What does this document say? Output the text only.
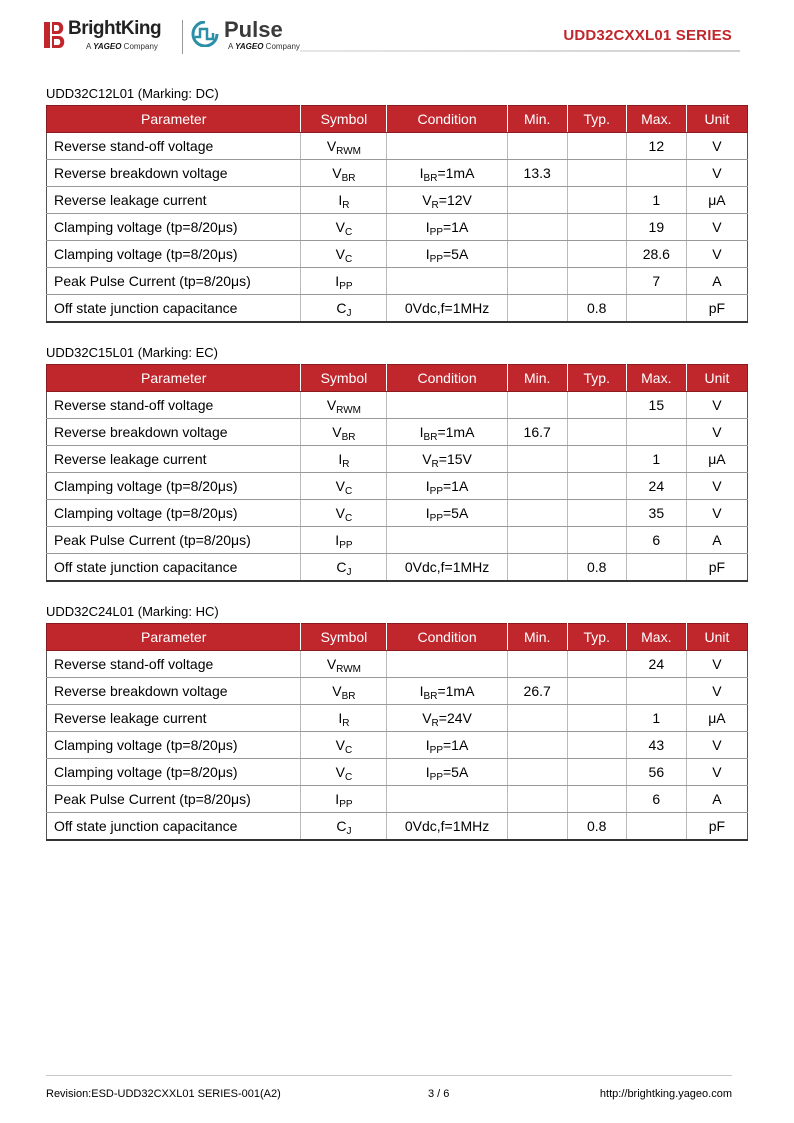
BrightKing
A YAGEO Company
Pulse
A YAGEO Company
UDD32CXXL01 SERIES
UDD32C12L01 (Marking: DC)
Parameter	Symbol	Condition	Min.	Typ.	Max.	Unit
Reverse stand-off voltage	$V_{RWM}$				12	V
Reverse breakdown voltage	$V_{BR}$	$I_{BR}=1mA$	13.3			V
Reverse leakage current	$I_R$	$V_R=12V$			1	μA
Clamping voltage (tp=8/20μs)	$V_C$	$I_{PP}=1A$			19	V
Clamping voltage (tp=8/20μs)	$V_C$	$I_{PP}=5A$			28.6	V
Peak Pulse Current (tp=8/20μs)	$I_{PP}$				7	A
Off state junction capacitance	$C_J$	0Vdc,f=1MHz		0.8		pF
UDD32C15L01 (Marking: EC)
Parameter	Symbol	Condition	Min.	Typ.	Max.	Unit
Reverse stand-off voltage	$V_{RWM}$				15	V
Reverse breakdown voltage	$V_{BR}$	$I_{BR}=1mA$	16.7			V
Reverse leakage current	$I_R$	$V_R=15V$			1	μA
Clamping voltage (tp=8/20μs)	$V_C$	$I_{PP}=1A$			24	V
Clamping voltage (tp=8/20μs)	$V_C$	$I_{PP}=5A$			35	V
Peak Pulse Current (tp=8/20μs)	$I_{PP}$				6	A
Off state junction capacitance	$C_J$	0Vdc,f=1MHz		0.8		pF
UDD32C24L01 (Marking: HC)
Parameter	Symbol	Condition	Min.	Typ.	Max.	Unit
Reverse stand-off voltage	$V_{RWM}$				24	V
Reverse breakdown voltage	$V_{BR}$	$I_{BR}=1mA$	26.7			V
Reverse leakage current	$I_R$	$V_R=24V$			1	μA
Clamping voltage (tp=8/20μs)	$V_C$	$I_{PP}=1A$			43	V
Clamping voltage (tp=8/20μs)	$V_C$	$I_{PP}=5A$			56	V
Peak Pulse Current (tp=8/20μs)	$I_{PP}$				6	A
Off state junction capacitance	$C_J$	0Vdc,f=1MHz		0.8		pF
Revision:ESD-UDD32CXXL01 SERIES-001(A2)	3 / 6	http://brightking.yageo.com
